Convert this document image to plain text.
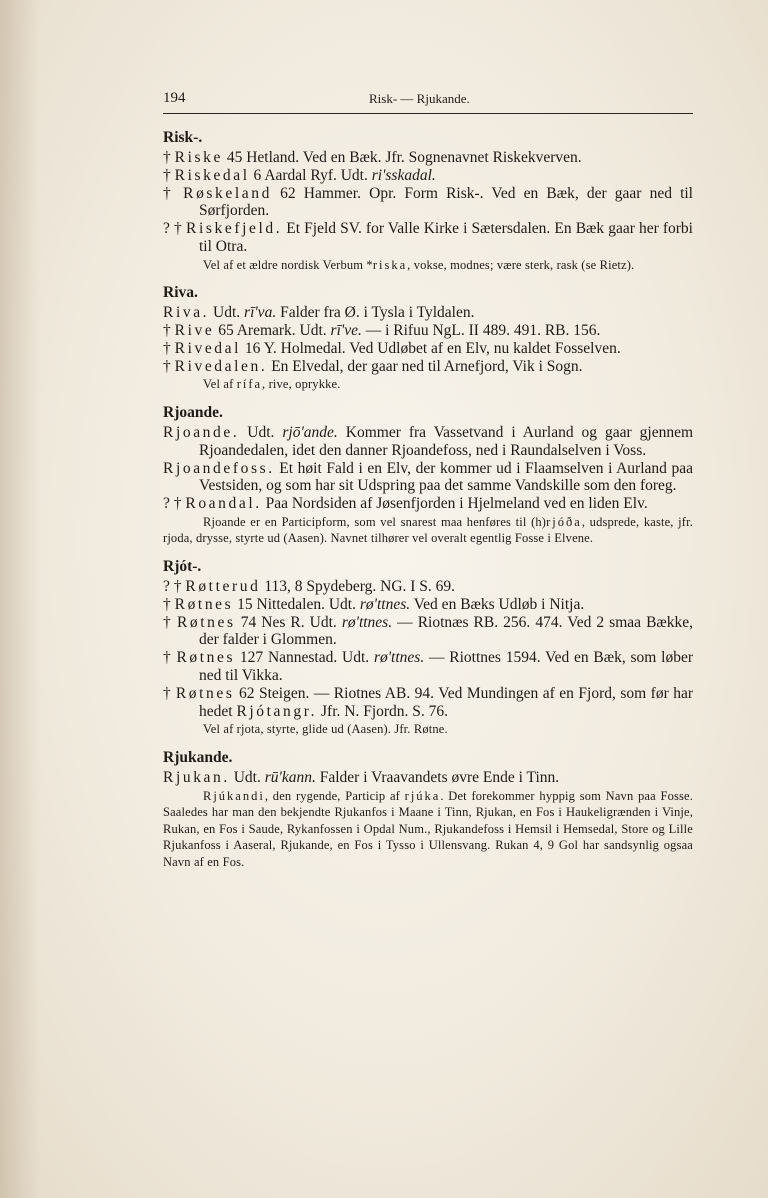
194	Risk- — Rjukande.
Risk-.

† Riske 45 Hetland. Ved en Bæk. Jfr. Sognenavnet Riskekverven.

† Riskedal 6 Aardal Ryf. Udt. ri'sskadal.

† Røskeland 62 Hammer. Opr. Form Risk-. Ved en Bæk, der gaar ned til Sørfjorden.

? † Riskefjeld. Et Fjeld SV. for Valle Kirke i Sætersdalen. En Bæk gaar her forbi til Otra.

Vel af et ældre nordisk Verbum *riska, vokse, modnes; være sterk, rask (se Rietz).

Riva.

Riva. Udt. rī'va. Falder fra Ø. i Tysla i Tyldalen.

† Rive 65 Aremark. Udt. rī've. — i Rifuu NgL. II 489. 491. RB. 156.

† Rivedal 16 Y. Holmedal. Ved Udløbet af en Elv, nu kaldet Fosselven.

† Rivedalen. En Elvedal, der gaar ned til Arnefjord, Vik i Sogn.

Vel af rífa, rive, oprykke.

Rjoande.

Rjoande. Udt. rjō'ande. Kommer fra Vassetvand i Aurland og gaar gjennem Rjoandedalen, idet den danner Rjoandefoss, ned i Raundalselven i Voss.

Rjoandefoss. Et høit Fald i en Elv, der kommer ud i Flaamselven i Aurland paa Vestsiden, og som har sit Udspring paa det samme Vandskille som den foreg.

? † Roandal. Paa Nordsiden af Jøsenfjorden i Hjelmeland ved en liden Elv.

Rjoande er en Participform, som vel snarest maa henføres til (h)rjóða, udsprede, kaste, jfr. rjoda, drysse, styrte ud (Aasen). Navnet tilhører vel overalt egentlig Fosse i Elvene.

Rjót-.

? † Røtterud 113, 8 Spydeberg. NG. I S. 69.

† Røtnes 15 Nittedalen. Udt. rø'ttnes. Ved en Bæks Udløb i Nitja.

† Røtnes 74 Nes R. Udt. rø'ttnes. — Riotnæs RB. 256. 474. Ved 2 smaa Bække, der falder i Glommen.

† Røtnes 127 Nannestad. Udt. rø'ttnes. — Riottnes 1594. Ved en Bæk, som løber ned til Vikka.

† Røtnes 62 Steigen. — Riotnes AB. 94. Ved Mundingen af en Fjord, som før har hedet Rjótangr. Jfr. N. Fjordn. S. 76.

Vel af rjota, styrte, glide ud (Aasen). Jfr. Røtne.

Rjukande.

Rjukan. Udt. rū'kann. Falder i Vraavandets øvre Ende i Tinn.

Rjúkandi, den rygende, Particip af rjúka. Det forekommer hyppig som Navn paa Fosse. Saaledes har man den bekjendte Rjukanfos i Maane i Tinn, Rjukan, en Fos i Haukeligrænden i Vinje, Rukan, en Fos i Saude, Rykanfossen i Opdal Num., Rjukandefoss i Hemsil i Hemsedal, Store og Lille Rjukanfoss i Aaseral, Rjukande, en Fos i Tysso i Ullensvang. Rukan 4, 9 Gol har sandsynlig ogsaa Navn af en Fos.
